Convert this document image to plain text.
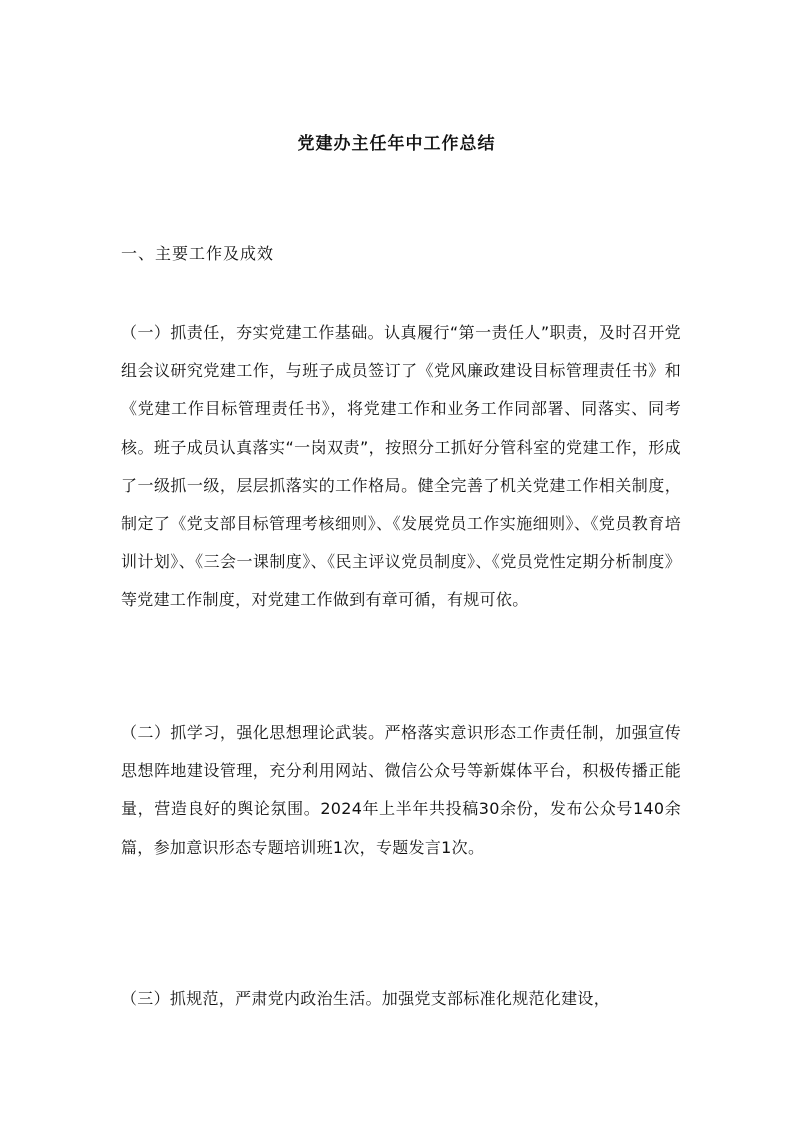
党建办主任年中工作总结

一、主要工作及成效

（一）抓责任，夯实党建工作基础。认真履行“第一责任人”职责，及时召开党组会议研究党建工作，与班子成员签订了《党风廉政建设目标管理责任书》和《党建工作目标管理责任书》，将党建工作和业务工作同部署、同落实、同考核。班子成员认真落实“一岗双责”，按照分工抓好分管科室的党建工作，形成了一级抓一级，层层抓落实的工作格局。健全完善了机关党建工作相关制度，制定了《党支部目标管理考核细则》、《发展党员工作实施细则》、《党员教育培训计划》、《三会一课制度》、《民主评议党员制度》、《党员党性定期分析制度》等党建工作制度，对党建工作做到有章可循，有规可依。

（二）抓学习，强化思想理论武装。严格落实意识形态工作责任制，加强宣传思想阵地建设管理，充分利用网站、微信公众号等新媒体平台，积极传播正能量，营造良好的舆论氛围。2024年上半年共投稿30余份，发布公众号140余篇，参加意识形态专题培训班1次，专题发言1次。

（三）抓规范，严肃党内政治生活。加强党支部标准化规范化建设，
